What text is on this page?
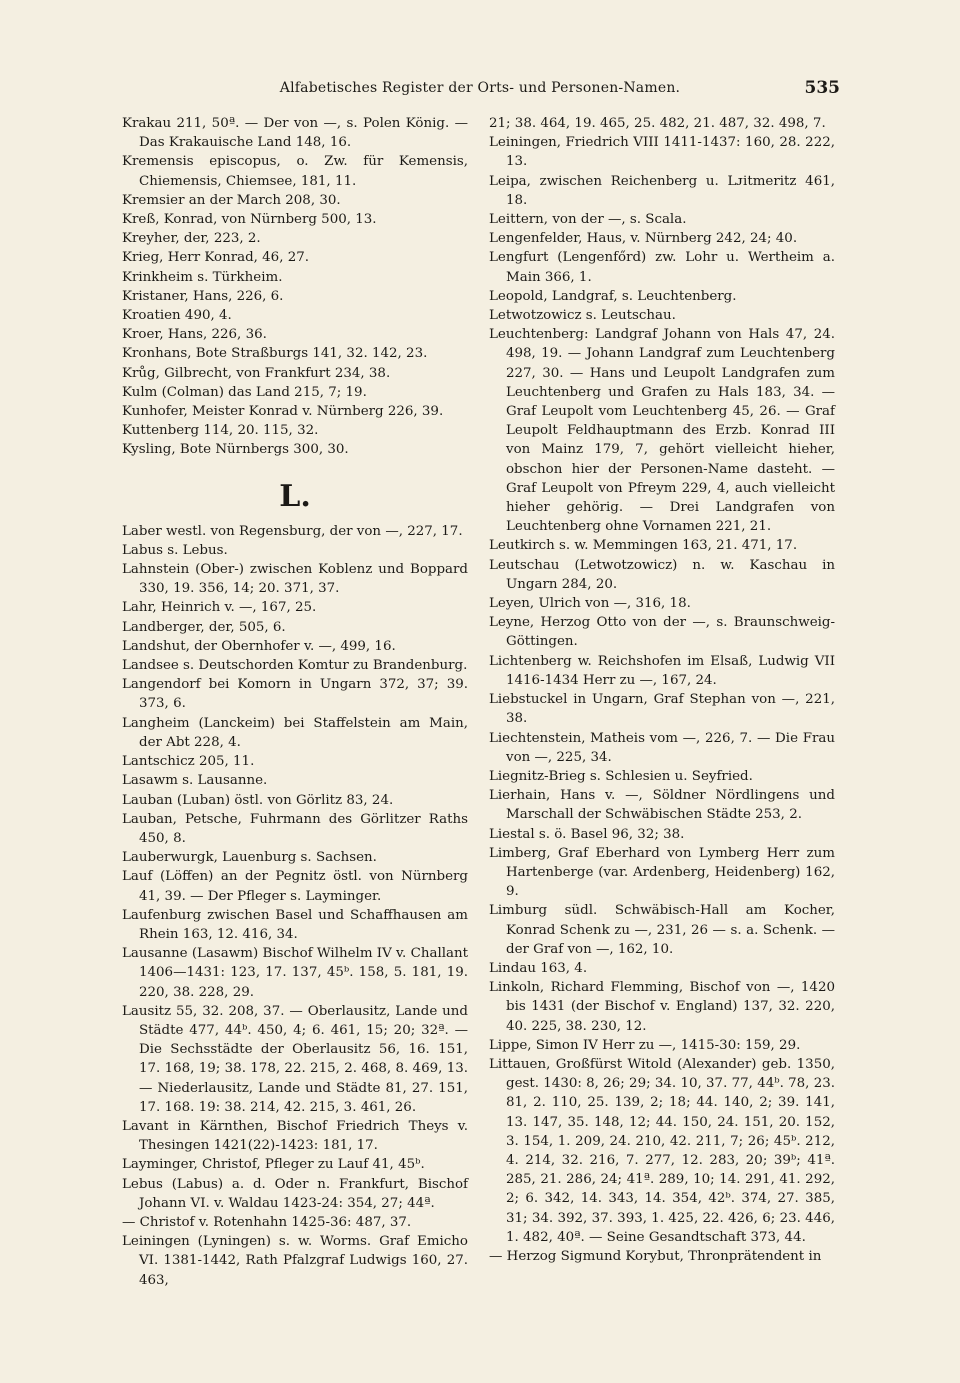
Alfabetisches Register der Orts- und Personen-Namen.	535
Krakau 211, 50ª. — Der von —, s. Polen König. — Das Krakauische Land 148, 16.
Kremensis episcopus, o. Zw. für Kemensis, Chiemensis, Chiemsee, 181, 11.
Kremsier an der March 208, 30.
Kreß, Konrad, von Nürnberg 500, 13.
Kreyher, der, 223, 2.
Krieg, Herr Konrad, 46, 27.
Krinkheim s. Türkheim.
Kristaner, Hans, 226, 6.
Kroatien 490, 4.
Kroer, Hans, 226, 36.
Kronhans, Bote Straßburgs 141, 32. 142, 23.
Krůg, Gilbrecht, von Frankfurt 234, 38.
Kulm (Colman) das Land 215, 7; 19.
Kunhofer, Meister Konrad v. Nürnberg 226, 39.
Kuttenberg 114, 20. 115, 32.
Kysling, Bote Nürnbergs 300, 30.
L.
Laber westl. von Regensburg, der von —, 227, 17.
Labus s. Lebus.
Lahnstein (Ober-) zwischen Koblenz und Boppard 330, 19. 356, 14; 20. 371, 37.
Lahr, Heinrich v. —, 167, 25.
Landberger, der, 505, 6.
Landshut, der Obernhofer v. —, 499, 16.
Landsee s. Deutschorden Komtur zu Brandenburg.
Langendorf bei Komorn in Ungarn 372, 37; 39. 373, 6.
Langheim (Lanckeim) bei Staffelstein am Main, der Abt 228, 4.
Lantschicz 205, 11.
Lasawm s. Lausanne.
Lauban (Luban) östl. von Görlitz 83, 24.
Lauban, Petsche, Fuhrmann des Görlitzer Raths 450, 8.
Lauberwurgk, Lauenburg s. Sachsen.
Lauf (Löffen) an der Pegnitz östl. von Nürnberg 41, 39. — Der Pfleger s. Layminger.
Laufenburg zwischen Basel und Schaffhausen am Rhein 163, 12. 416, 34.
Lausanne (Lasawm) Bischof Wilhelm IV v. Challant 1406—1431: 123, 17. 137, 45ᵇ. 158, 5. 181, 19. 220, 38. 228, 29.
Lausitz 55, 32. 208, 37. — Oberlausitz, Lande und Städte 477, 44ᵇ. 450, 4; 6. 461, 15; 20; 32ª. — Die Sechsstädte der Oberlausitz 56, 16. 151, 17. 168, 19; 38. 178, 22. 215, 2. 468, 8. 469, 13. — Niederlausitz, Lande und Städte 81, 27. 151, 17. 168. 19: 38. 214, 42. 215, 3. 461, 26.
Lavant in Kärnthen, Bischof Friedrich Theys v. Thesingen 1421(22)-1423: 181, 17.
Layminger, Christof, Pfleger zu Lauf 41, 45ᵇ.
Lebus (Labus) a. d. Oder n. Frankfurt, Bischof Johann VI. v. Waldau 1423-24: 354, 27; 44ª.
— Christof v. Rotenhahn 1425-36: 487, 37.
Leiningen (Lyningen) s. w. Worms. Graf Emicho VI. 1381-1442, Rath Pfalzgraf Ludwigs 160, 27. 463,
21; 38. 464, 19. 465, 25. 482, 21. 487, 32. 498, 7.
Leiningen, Friedrich VIII 1411-1437: 160, 28. 222, 13.
Leipa, zwischen Reichenberg u. Lᴊitmeritz 461, 18.
Leittern, von der —, s. Scala.
Lengenfelder, Haus, v. Nürnberg 242, 24; 40.
Lengfurt (Lengenfőrd) zw. Lohr u. Wertheim a. Main 366, 1.
Leopold, Landgraf, s. Leuchtenberg.
Letwotzowicz s. Leutschau.
Leuchtenberg: Landgraf Johann von Hals 47, 24. 498, 19. — Johann Landgraf zum Leuchtenberg 227, 30. — Hans und Leupolt Landgrafen zum Leuchtenberg und Grafen zu Hals 183, 34. — Graf Leupolt vom Leuchtenberg 45, 26. — Graf Leupolt Feldhauptmann des Erzb. Konrad III von Mainz 179, 7, gehört vielleicht hieher, obschon hier der Personen-Name dasteht. — Graf Leupolt von Pfreym 229, 4, auch vielleicht hieher gehörig. — Drei Landgrafen von Leuchtenberg ohne Vornamen 221, 21.
Leutkirch s. w. Memmingen 163, 21. 471, 17.
Leutschau (Letwotzowicz) n. w. Kaschau in Ungarn 284, 20.
Leyen, Ulrich von —, 316, 18.
Leyne, Herzog Otto von der —, s. Braunschweig-Göttingen.
Lichtenberg w. Reichshofen im Elsaß, Ludwig VII 1416-1434 Herr zu —, 167, 24.
Liebstuckel in Ungarn, Graf Stephan von —, 221, 38.
Liechtenstein, Matheis vom —, 226, 7. — Die Frau von —, 225, 34.
Liegnitz-Brieg s. Schlesien u. Seyfried.
Lierhain, Hans v. —, Söldner Nördlingens und Marschall der Schwäbischen Städte 253, 2.
Liestal s. ö. Basel 96, 32; 38.
Limberg, Graf Eberhard von Lymberg Herr zum Hartenberge (var. Ardenberg, Heidenberg) 162, 9.
Limburg südl. Schwäbisch-Hall am Kocher, Konrad Schenk zu —, 231, 26 — s. a. Schenk. — der Graf von —, 162, 10.
Lindau 163, 4.
Linkoln, Richard Flemming, Bischof von —, 1420 bis 1431 (der Bischof v. England) 137, 32. 220, 40. 225, 38. 230, 12.
Lippe, Simon IV Herr zu —, 1415-30: 159, 29.
Littauen, Großfürst Witold (Alexander) geb. 1350, gest. 1430: 8, 26; 29; 34. 10, 37. 77, 44ᵇ. 78, 23. 81, 2. 110, 25. 139, 2; 18; 44. 140, 2; 39. 141, 13. 147, 35. 148, 12; 44. 150, 24. 151, 20. 152, 3. 154, 1. 209, 24. 210, 42. 211, 7; 26; 45ᵇ. 212, 4. 214, 32. 216, 7. 277, 12. 283, 20; 39ᵇ; 41ª. 285, 21. 286, 24; 41ª. 289, 10; 14. 291, 41. 292, 2; 6. 342, 14. 343, 14. 354, 42ᵇ. 374, 27. 385, 31; 34. 392, 37. 393, 1. 425, 22. 426, 6; 23. 446, 1. 482, 40ª. — Seine Gesandtschaft 373, 44.
— Herzog Sigmund Korybut, Thronprätendent in
